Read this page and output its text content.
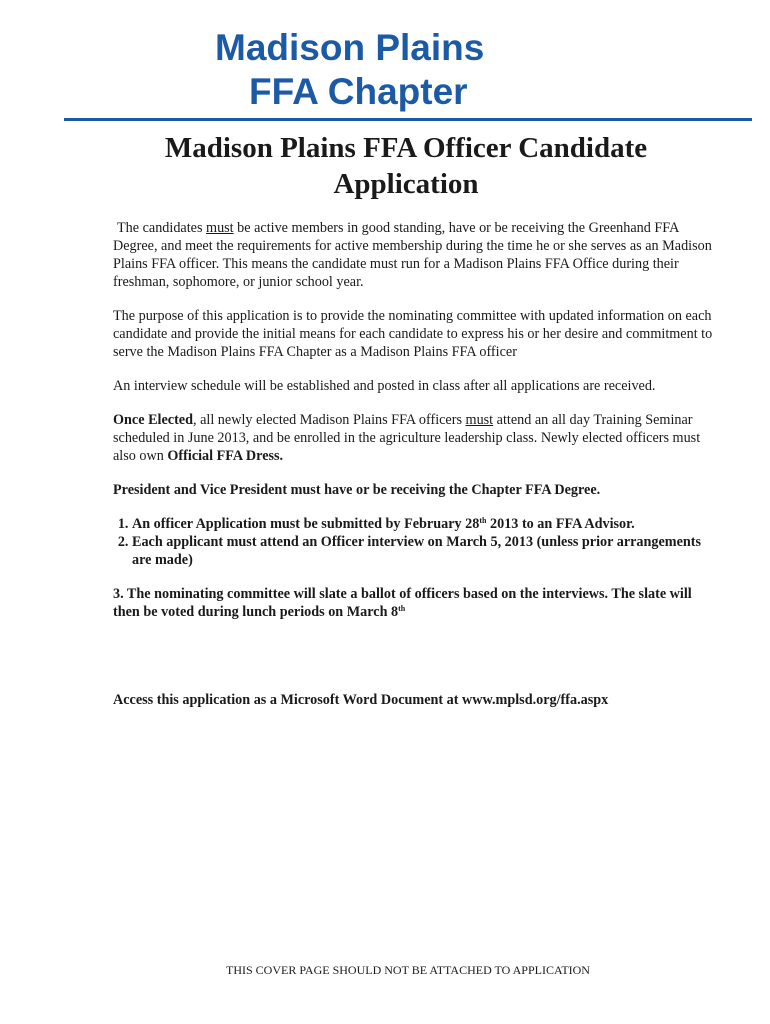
Madison Plains
FFA Chapter
Madison Plains FFA Officer Candidate
Application

The candidates must be active members in good standing, have or be receiving the Greenhand FFA Degree, and meet the requirements for active membership during the time he or she serves as an Madison Plains FFA officer. This means the candidate must run for a Madison Plains FFA Office during their freshman, sophomore, or junior school year.

The purpose of this application is to provide the nominating committee with updated information on each candidate and provide the initial means for each candidate to express his or her desire and commitment to serve the Madison Plains FFA Chapter as a Madison Plains FFA officer

An interview schedule will be established and posted in class after all applications are received.

Once Elected, all newly elected Madison Plains FFA officers must attend an all day Training Seminar scheduled in June 2013, and be enrolled in the agriculture leadership class. Newly elected officers must also own Official FFA Dress.

President and Vice President must have or be receiving the Chapter FFA Degree.

1. An officer Application must be submitted by February 28th 2013 to an FFA Advisor.
2. Each applicant must attend an Officer interview on March 5, 2013 (unless prior arrangements are made)

3. The nominating committee will slate a ballot of officers based on the interviews. The slate will then be voted during lunch periods on March 8th

Access this application as a Microsoft Word Document at www.mplsd.org/ffa.aspx

THIS COVER PAGE SHOULD NOT BE ATTACHED TO APPLICATION
